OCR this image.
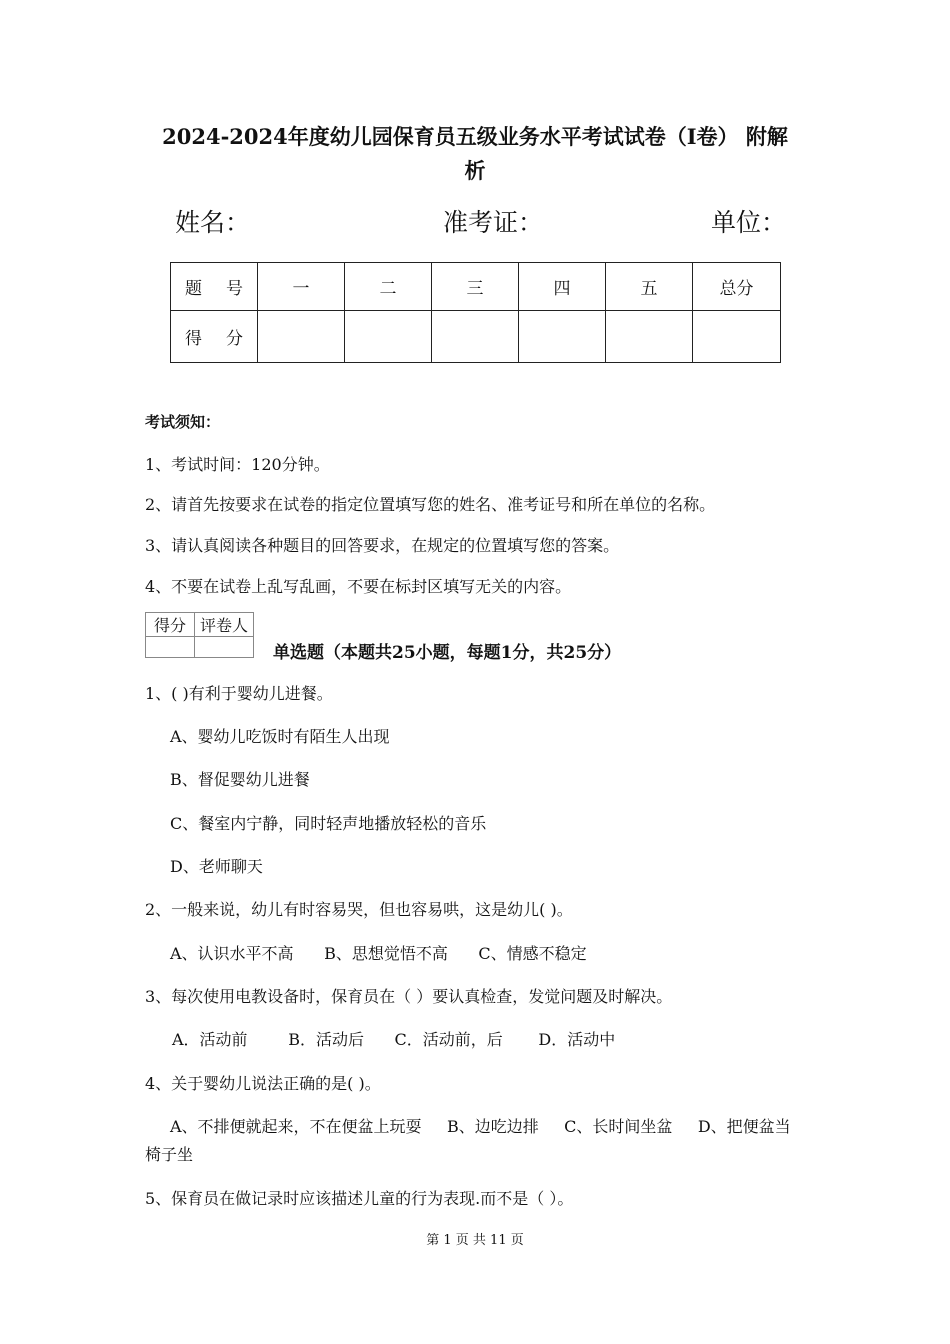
2024-2024年度幼儿园保育员五级业务水平考试试卷（I卷） 附解
析
姓名：	准考证：	单位：
题 号	一	二	三	四	五	总分
得 分						
考试须知：
1、考试时间：120分钟。
2、请首先按要求在试卷的指定位置填写您的姓名、准考证号和所在单位的名称。
3、请认真阅读各种题目的回答要求，在规定的位置填写您的答案。
4、不要在试卷上乱写乱画，不要在标封区填写无关的内容。
得分	评卷人

单选题（本题共25小题，每题1分，共25分）
1、( )有利于婴幼儿进餐。
A、婴幼儿吃饭时有陌生人出现
B、督促婴幼儿进餐
C、餐室内宁静，同时轻声地播放轻松的音乐
D、老师聊天
2、一般来说，幼儿有时容易哭，但也容易哄，这是幼儿( )。
A、认识水平不高      B、思想觉悟不高      C、情感不稳定
3、每次使用电教设备时，保育员在（ ）要认真检查，发觉问题及时解决。
A．活动前        B．活动后      C．活动前，后       D．活动中
4、关于婴幼儿说法正确的是( )。
A、不排便就起来，不在便盆上玩耍     B、边吃边排     C、长时间坐盆     D、把便盆当
椅子坐
5、保育员在做记录时应该描述儿童的行为表现.而不是（ ）。
第 1 页 共 11 页
